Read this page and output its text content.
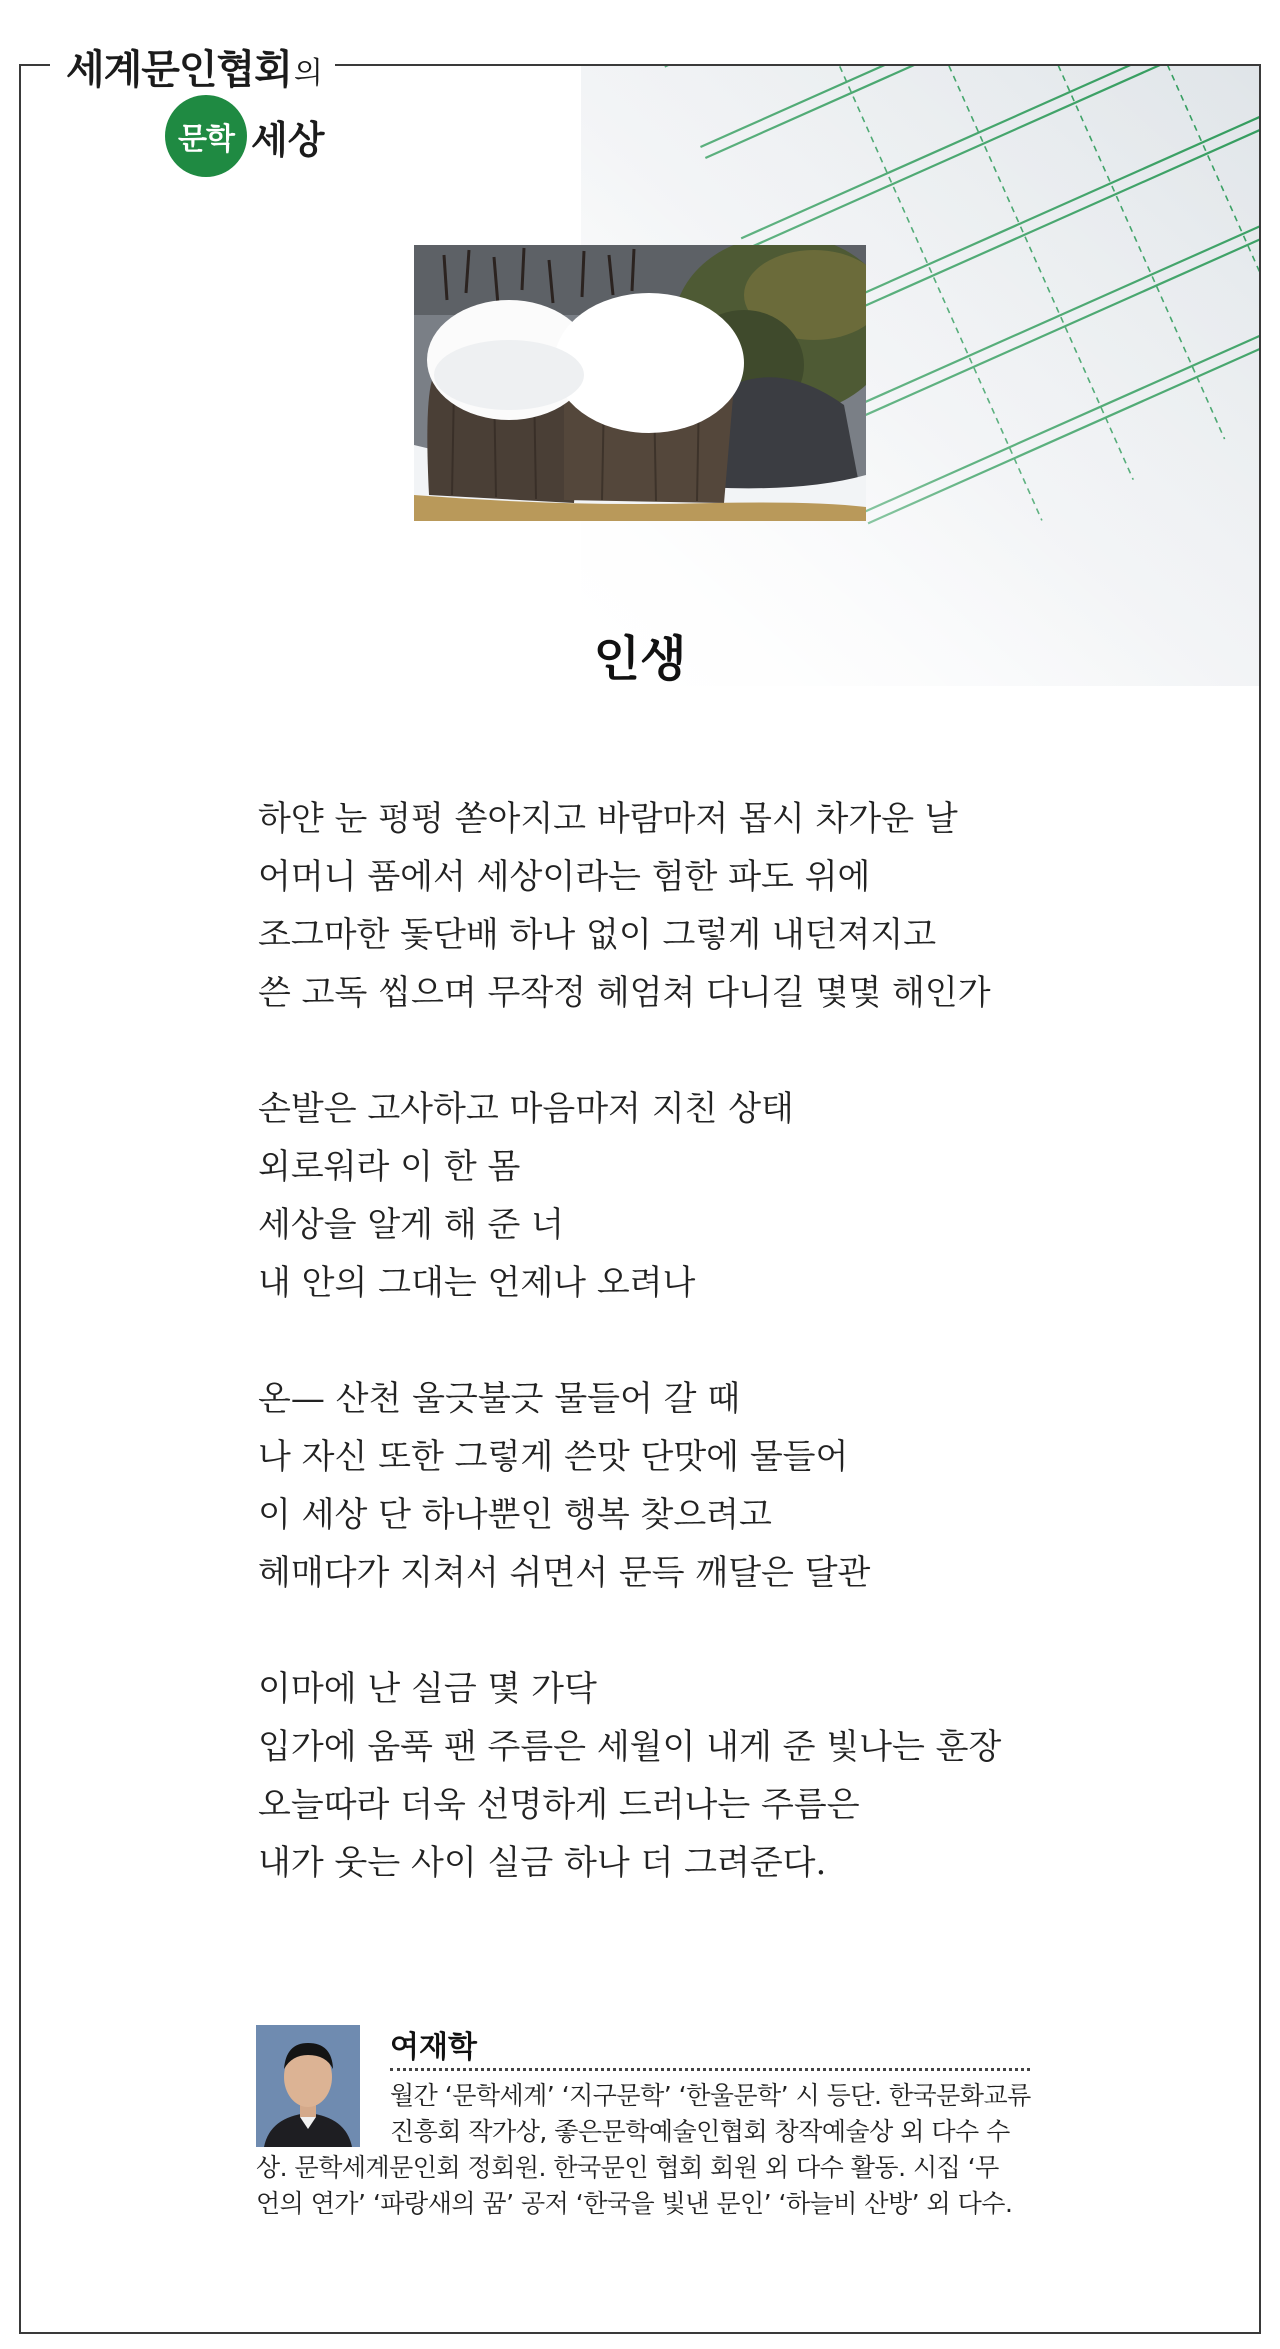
세계문인협회 의
문학 세상
인생
하얀 눈 펑펑 쏟아지고 바람마저 몹시 차가운 날
어머니 품에서 세상이라는 험한 파도 위에
조그마한 돛단배 하나 없이 그렇게 내던져지고
쓴 고독 씹으며 무작정 헤엄쳐 다니길 몇몇 해인가
손발은 고사하고 마음마저 지친 상태
외로워라 이 한 몸
세상을 알게 해 준 너
내 안의 그대는 언제나 오려나
온— 산천 울긋불긋 물들어 갈 때
나 자신 또한 그렇게 쓴맛 단맛에 물들어
이 세상 단 하나뿐인 행복 찾으려고
헤매다가 지쳐서 쉬면서 문득 깨달은 달관
이마에 난 실금 몇 가닥
입가에 움푹 팬 주름은 세월이 내게 준 빛나는 훈장
오늘따라 더욱 선명하게 드러나는 주름은
내가 웃는 사이 실금 하나 더 그려준다.
여재학
월간 ‘문학세계’ ‘지구문학’ ‘한울문학’ 시 등단. 한국문화교류
진흥회 작가상, 좋은문학예술인협회 창작예술상 외 다수 수
상. 문학세계문인회 정회원. 한국문인 협회 회원 외 다수 활동. 시집 ‘무
언의 연가’ ‘파랑새의 꿈’ 공저 ‘한국을 빛낸 문인’ ‘하늘비 산방’ 외 다수.
